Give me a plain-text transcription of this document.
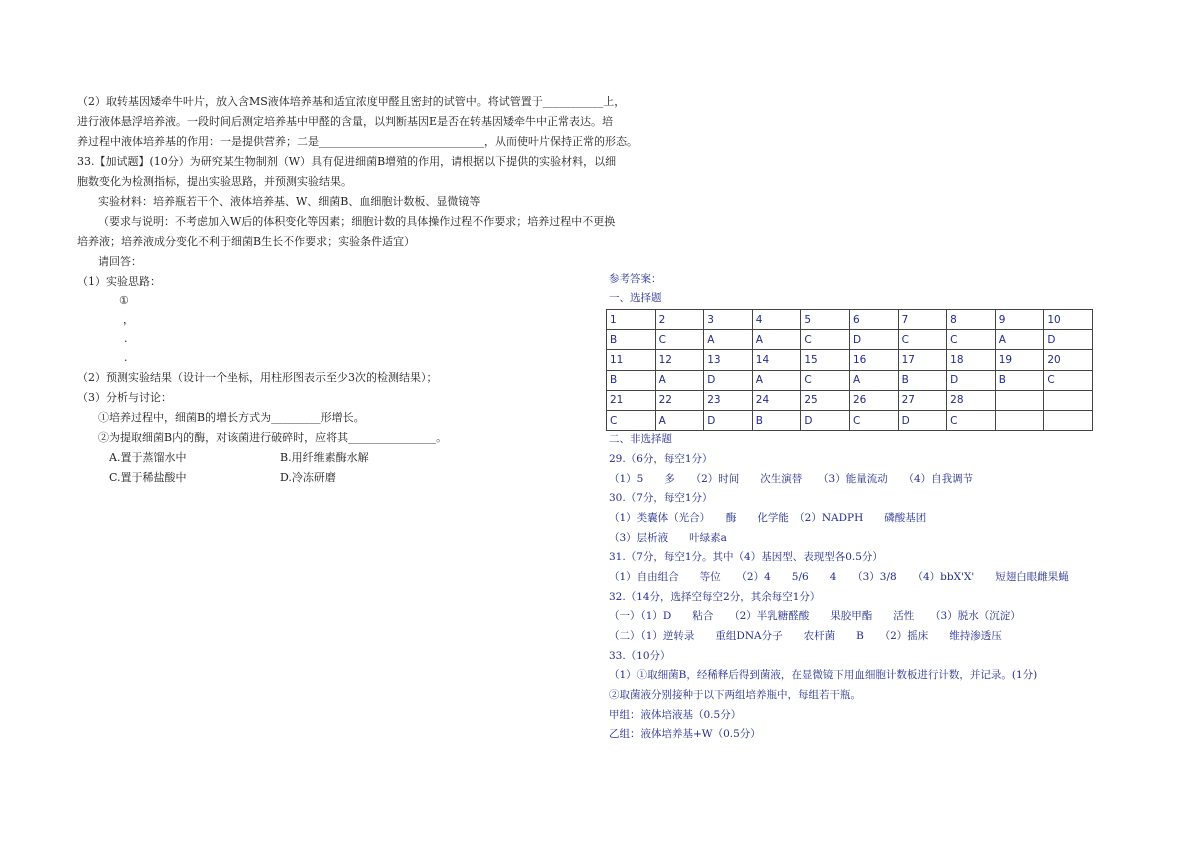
（2）取转基因矮牵牛叶片，放入含MS液体培养基和适宜浓度甲醛且密封的试管中。将试管置于___________上，
进行液体悬浮培养液。一段时间后测定培养基中甲醛的含量，以判断基因E是否在转基因矮牵牛中正常表达。培
养过程中液体培养基的作用：一是提供营养；二是______________________________，从而使叶片保持正常的形态。
33.【加试题】(10分）为研究某生物制剂（W）具有促进细菌B增殖的作用，请根据以下提供的实验材料，以细
胞数变化为检测指标，提出实验思路，并预测实验结果。
实验材料：培养瓶若干个、液体培养基、W、细菌B、血细胞计数板、显微镜等
（要求与说明：不考虑加入W后的体积变化等因素；细胞计数的具体操作过程不作要求；培养过程中不更换
培养液；培养液成分变化不利于细菌B生长不作要求；实验条件适宜）
请回答：
（1）实验思路：
①
，
.
.
（2）预测实验结果（设计一个坐标，用柱形图表示至少3次的检测结果）；
（3）分析与讨论：
①培养过程中，细菌B的增长方式为_________形增长。
②为提取细菌B内的酶，对该菌进行破碎时，应将其________________。
A.置于蒸馏水中	B.用纤维素酶水解
C.置于稀盐酸中	D.冷冻研磨
参考答案：
一、选择题
1	2	3	4	5	6	7	8	9	10
B	C	A	A	C	D	C	C	A	D
11	12	13	14	15	16	17	18	19	20
B	A	D	A	C	A	B	D	B	C
21	22	23	24	25	26	27	28		
C	A	D	B	D	C	D	C		
二、非选择题
29.（6分，每空1分）
（1）5　　多　　（2）时间　　次生演替　　（3）能量流动　　（4）自我调节
30.（7分，每空1分）
（1）类囊体（光合）　　酶　　化学能　（2）NADPH　　磷酸基团
（3）层析液　　叶绿素a
31.（7分，每空1分。其中（4）基因型、表现型各0.5分）
（1）自由组合　　等位　　（2）4　　5/6　　4　　（3）3/8　　（4）bbX'X'　　短翅白眼雌果蝇
32.（14分，选择空每空2分，其余每空1分）
（一）（1）D　　粘合　　（2）半乳糖醛酸　　果胶甲酯　　活性　　（3）脱水（沉淀）
（二）（1）逆转录　　重组DNA分子　　农杆菌　　B　　（2）摇床　　维持渗透压
33.（10分）
（1）①取细菌B，经稀释后得到菌液，在显微镜下用血细胞计数板进行计数，并记录。(1分)
②取菌液分别接种于以下两组培养瓶中，每组若干瓶。
甲组：液体培液基（0.5分）
乙组：液体培养基+W（0.5分）
